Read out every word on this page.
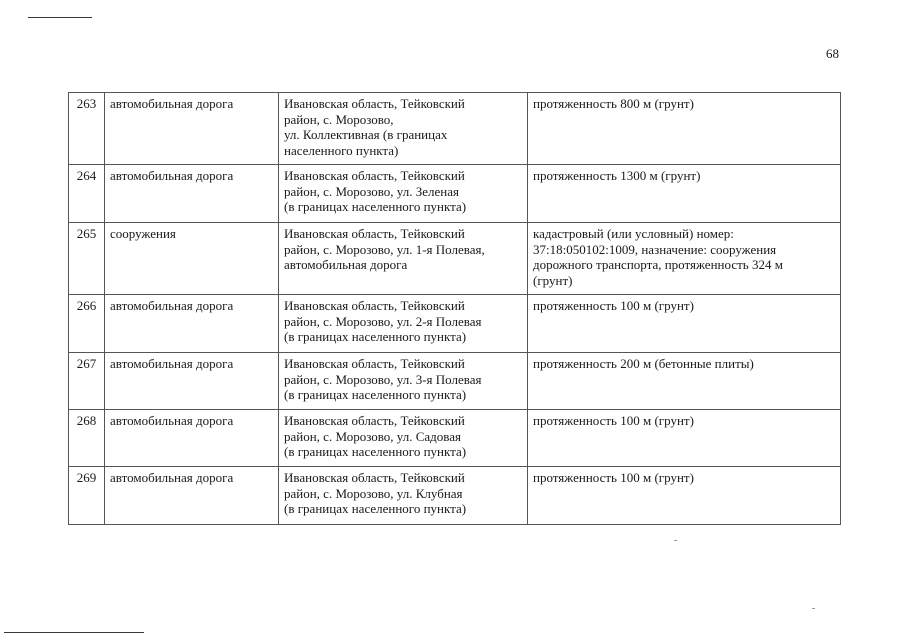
68
263	автомобильная дорога	Ивановская область, Тейковский
район, с. Морозово,
ул. Коллективная (в границах
населенного пункта)	протяженность 800 м (грунт)
264	автомобильная дорога	Ивановская область, Тейковский
район, с. Морозово, ул. Зеленая
(в границах населенного пункта)	протяженность 1300 м (грунт)
265	сооружения	Ивановская область, Тейковский
район, с. Морозово, ул. 1-я Полевая,
автомобильная дорога	кадастровый (или условный) номер:
37:18:050102:1009, назначение: сооружения
дорожного транспорта, протяженность 324 м
(грунт)
266	автомобильная дорога	Ивановская область, Тейковский
район, с. Морозово, ул. 2-я Полевая
(в границах населенного пункта)	протяженность 100 м (грунт)
267	автомобильная дорога	Ивановская область, Тейковский
район, с. Морозово, ул. 3-я Полевая
(в границах населенного пункта)	протяженность 200 м (бетонные плиты)
268	автомобильная дорога	Ивановская область, Тейковский
район, с. Морозово, ул. Садовая
(в границах населенного пункта)	протяженность 100 м (грунт)
269	автомобильная дорога	Ивановская область, Тейковский
район, с. Морозово, ул. Клубная
(в границах населенного пункта)	протяженность 100 м (грунт)
